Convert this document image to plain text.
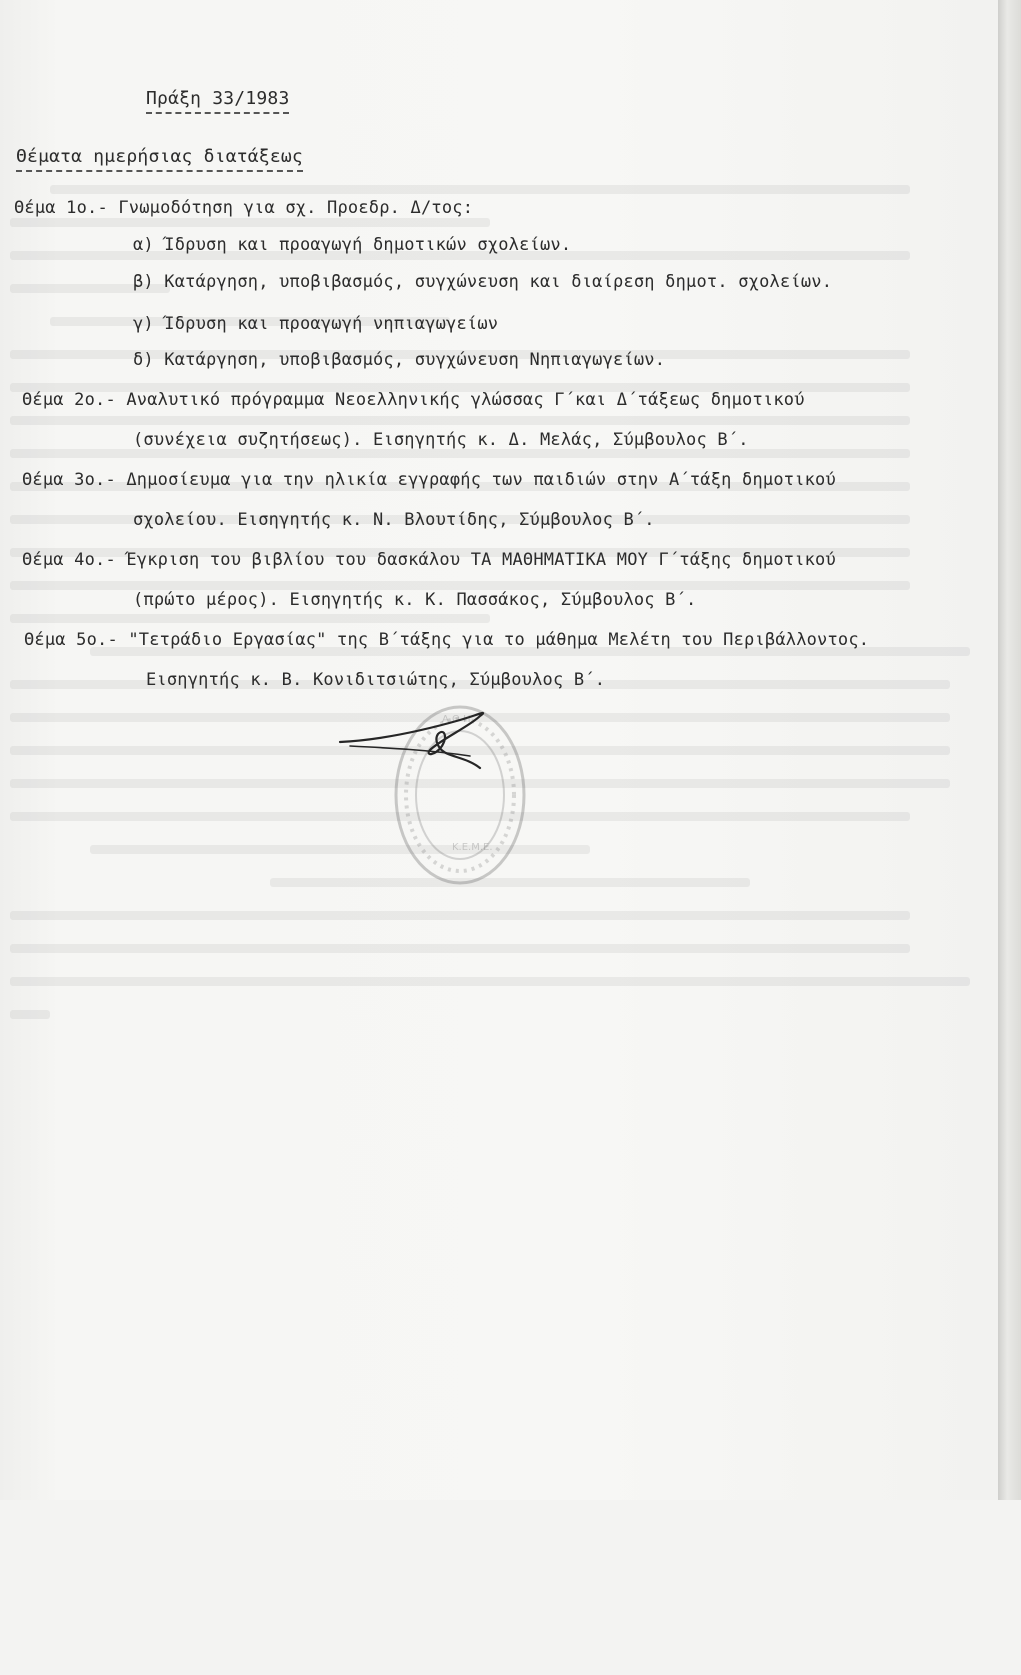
Πράξη 33/1983
Θέματα ημερήσιας διατάξεως
Θέμα 1ο.- Γνωμοδότηση για σχ. Προεδρ. Δ/τος:
α) Ίδρυση και προαγωγή δημοτικών σχολείων.
β) Κατάργηση, υποβιβασμός, συγχώνευση και διαίρεση δημοτ. σχολείων.
γ) Ίδρυση και προαγωγή νηπιαγωγείων
δ) Κατάργηση, υποβιβασμός, συγχώνευση Νηπιαγωγείων.
Θέμα 2ο.- Αναλυτικό πρόγραμμα Νεοελληνικής γλώσσας Γ΄και Δ΄τάξεως δημοτικού
(συνέχεια συζητήσεως). Εισηγητής κ. Δ. Μελάς, Σύμβουλος Β΄.
Θέμα 3ο.- Δημοσίευμα για την ηλικία εγγραφής των παιδιών στην Α΄τάξη δημοτικού
σχολείου. Εισηγητής κ. Ν. Βλουτίδης, Σύμβουλος Β΄.
Θέμα 4ο.- Έγκριση του βιβλίου του δασκάλου ΤΑ ΜΑΘΗΜΑΤΙΚΑ ΜΟΥ Γ΄τάξης δημοτικού
(πρώτο μέρος). Εισηγητής κ. Κ. Πασσάκος, Σύμβουλος Β΄.
Θέμα 5ο.- "Τετράδιο Εργασίας" της Β΄τάξης για το μάθημα Μελέτη του Περιβάλλοντος.
Εισηγητής κ. Β. Κονιδιτσιώτης, Σύμβουλος Β΄.
Α Θ Η
Κ.Ε.Μ.Ε.
